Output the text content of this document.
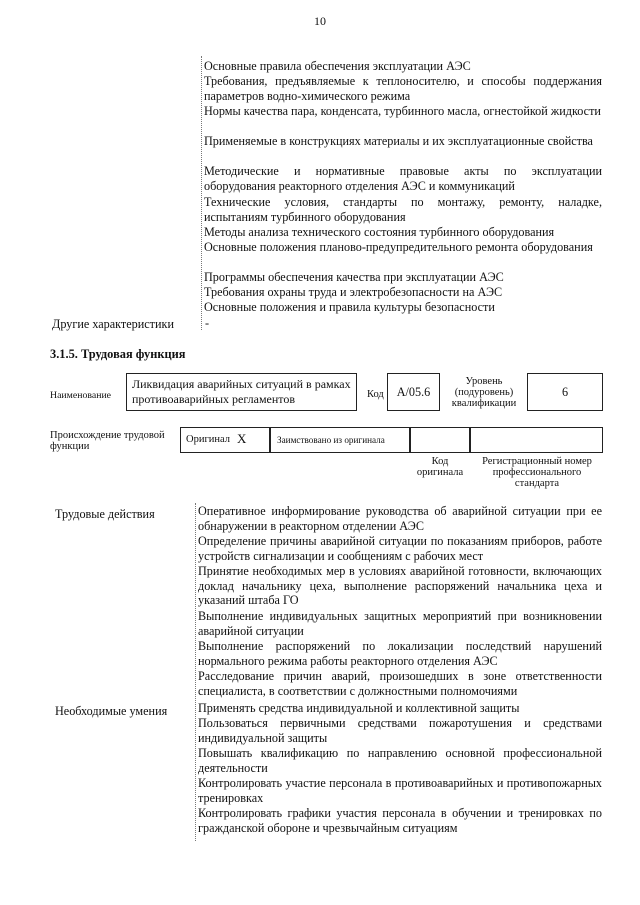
10
Основные правила обеспечения эксплуатации АЭС
Требования, предъявляемые к теплоносителю, и способы поддержания параметров водно-химического режима
Нормы качества пара, конденсата, турбинного масла, огнестойкой жидкости
Применяемые в конструкциях материалы и их эксплуатационные свойства
Методические и нормативные правовые акты по эксплуатации оборудования реакторного отделения АЭС и коммуникаций
Технические условия, стандарты по монтажу, ремонту, наладке, испытаниям турбинного оборудования
Методы анализа технического состояния турбинного оборудования
Основные положения планово-предупредительного ремонта оборудования
Программы обеспечения качества при эксплуатации АЭС
Требования охраны труда и электробезопасности на АЭС
Основные положения и правила культуры безопасности
Другие характеристики	-
3.1.5. Трудовая функция
Наименование
Ликвидация аварийных ситуаций в рамках противоаварийных регламентов	Код	А/05.6
Уровень (подуровень) квалификации
6
Происхождение трудовой функции
Оригинал X	Заимствовано из оригинала
Код оригинала
Регистрационный номер профессионального стандарта
Трудовые действия	Оперативное информирование руководства об аварийной ситуации при ее обнаружении в реакторном отделении АЭС
Определение причины аварийной ситуации по показаниям приборов, работе устройств сигнализации и сообщениям с рабочих мест
Принятие необходимых мер в условиях аварийной готовности, включающих доклад начальнику цеха, выполнение распоряжений начальника цеха и указаний штаба ГО
Выполнение индивидуальных защитных мероприятий при возникновении аварийной ситуации
Выполнение распоряжений по локализации последствий нарушений нормального режима работы реакторного отделения АЭС
Расследование причин аварий, произошедших в зоне ответственности специалиста, в соответствии с должностными полномочиями
Необходимые умения	Применять средства индивидуальной и коллективной защиты
Пользоваться первичными средствами пожаротушения и средствами индивидуальной защиты
Повышать квалификацию по направлению основной профессиональной деятельности
Контролировать участие персонала в противоаварийных и противопожарных тренировках
Контролировать графики участия персонала в обучении и тренировках по гражданской обороне и чрезвычайным ситуациям
